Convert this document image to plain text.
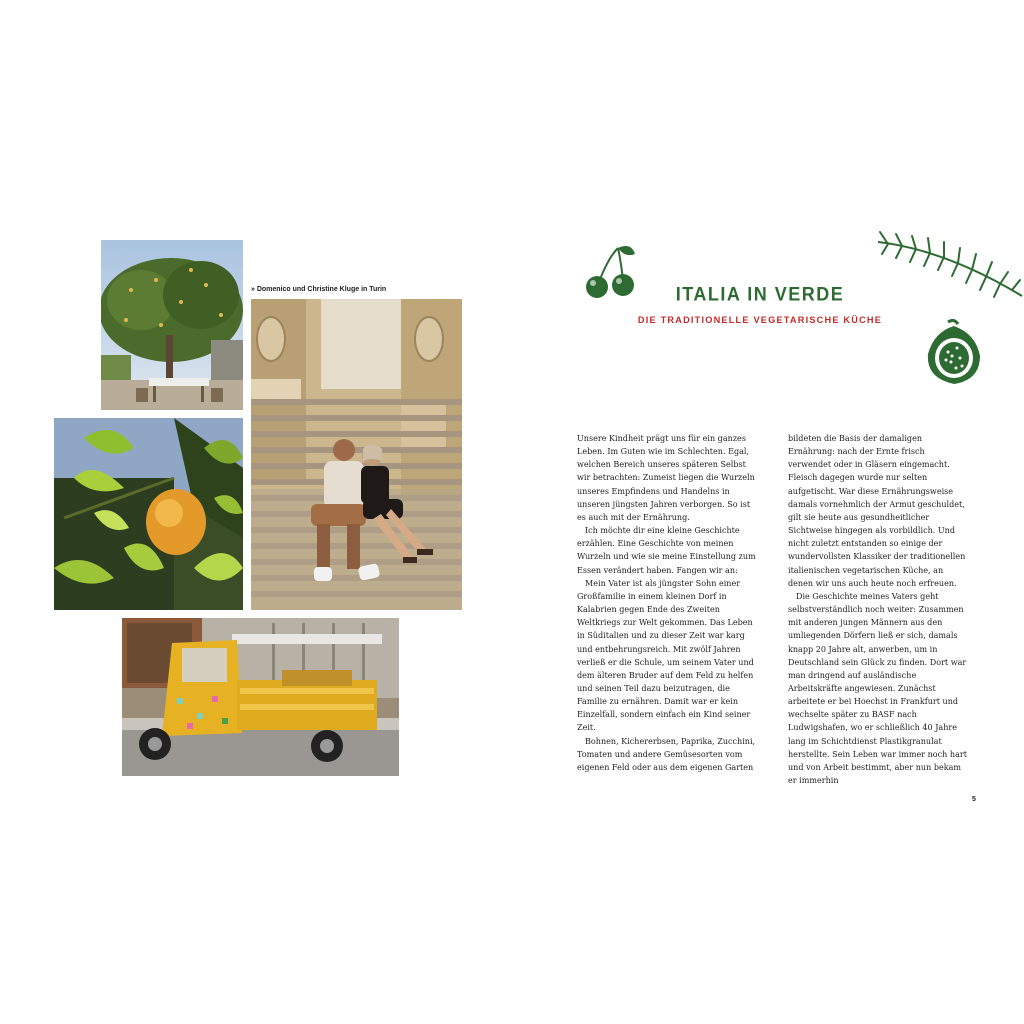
» Domenico und Christine Kluge in Turin	ITALIA IN VERDE
DIE TRADITIONELLE VEGETARISCHE KÜCHE

Unsere Kindheit prägt uns für ein ganzes Leben. Im Guten wie im Schlechten. Egal, welchen Bereich unseres späteren Selbst wir betrachten: Zumeist liegen die Wurzeln unseres Empfindens und Handelns in unseren jüngsten Jahren verborgen. So ist es auch mit der Ernährung.

Ich möchte dir eine kleine Geschichte erzählen. Eine Geschichte von meinen Wurzeln und wie sie meine Einstellung zum Essen verändert haben. Fangen wir an:

Mein Vater ist als jüngster Sohn einer Großfamilie in einem kleinen Dorf in Kalabrien gegen Ende des Zweiten Weltkriegs zur Welt gekommen. Das Leben in Süditalien und zu dieser Zeit war karg und entbehrungsreich. Mit zwölf Jahren verließ er die Schule, um seinem Vater und dem älteren Bruder auf dem Feld zu helfen und seinen Teil dazu beizutragen, die Familie zu ernähren. Damit war er kein Einzelfall, sondern einfach ein Kind seiner Zeit.

Bohnen, Kichererbsen, Paprika, Zucchini, Tomaten und andere Gemüsesorten vom eigenen Feld oder aus dem eigenen Garten

bildeten die Basis der damaligen Ernährung: nach der Ernte frisch verwendet oder in Gläsern eingemacht. Fleisch dagegen wurde nur selten aufgetischt. War diese Ernährungsweise damals vornehmlich der Armut geschuldet, gilt sie heute aus gesundheitlicher Sichtweise hingegen als vorbildlich. Und nicht zuletzt entstanden so einige der wundervollsten Klassiker der traditionellen italienischen vegetarischen Küche, an denen wir uns auch heute noch erfreuen.

Die Geschichte meines Vaters geht selbstverständlich noch weiter: Zusammen mit anderen jungen Männern aus den umliegenden Dörfern ließ er sich, damals knapp 20 Jahre alt, anwerben, um in Deutschland sein Glück zu finden. Dort war man dringend auf ausländische Arbeitskräfte angewiesen. Zunächst arbeitete er bei Hoechst in Frankfurt und wechselte später zu BASF nach Ludwigshafen, wo er schließlich 40 Jahre lang im Schichtdienst Plastikgranulat herstellte. Sein Leben war immer noch hart und von Arbeit bestimmt, aber nun bekam er immerhin

5
